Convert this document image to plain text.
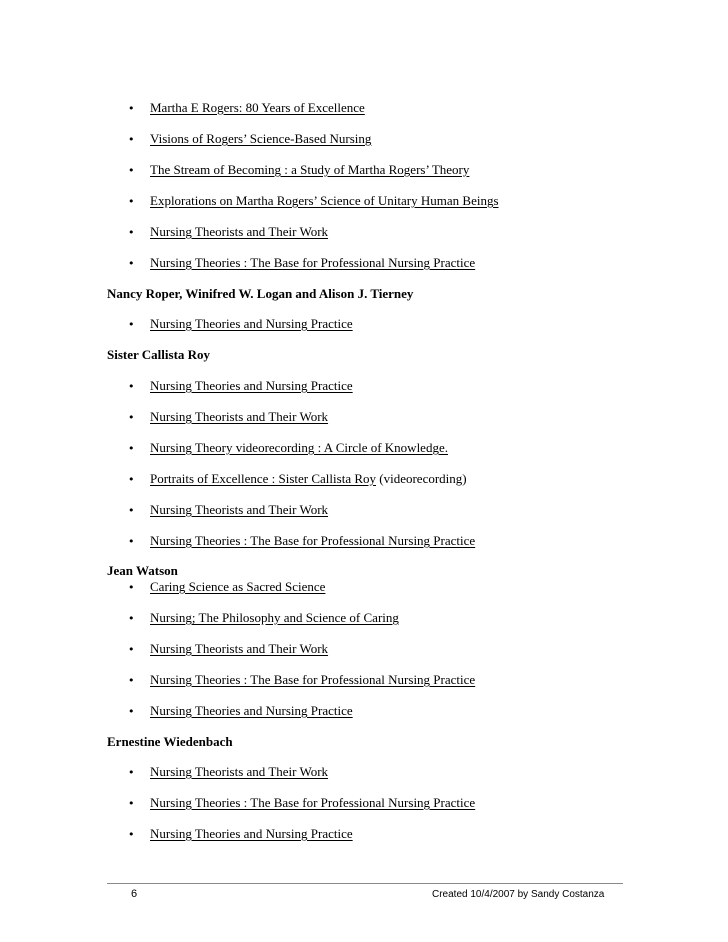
• Martha E Rogers: 80 Years of Excellence
• Visions of Rogers’ Science-Based Nursing
• The Stream of Becoming : a Study of Martha Rogers’ Theory
• Explorations on Martha Rogers’ Science of Unitary Human Beings
• Nursing Theorists and Their Work
• Nursing Theories : The Base for Professional Nursing Practice
Nancy Roper, Winifred W. Logan and Alison J. Tierney
• Nursing Theories and Nursing Practice
Sister Callista Roy
• Nursing Theories and Nursing Practice
• Nursing Theorists and Their Work
• Nursing Theory videorecording : A Circle of Knowledge.
• Portraits of Excellence : Sister Callista Roy (videorecording)
• Nursing Theorists and Their Work
• Nursing Theories : The Base for Professional Nursing Practice
Jean Watson
• Caring Science as Sacred Science
• Nursing; The Philosophy and Science of Caring
• Nursing Theorists and Their Work
• Nursing Theories : The Base for Professional Nursing Practice
• Nursing Theories and Nursing Practice
Ernestine Wiedenbach
• Nursing Theorists and Their Work
• Nursing Theories : The Base for Professional Nursing Practice
• Nursing Theories and Nursing Practice
6	Created 10/4/2007 by Sandy Costanza
